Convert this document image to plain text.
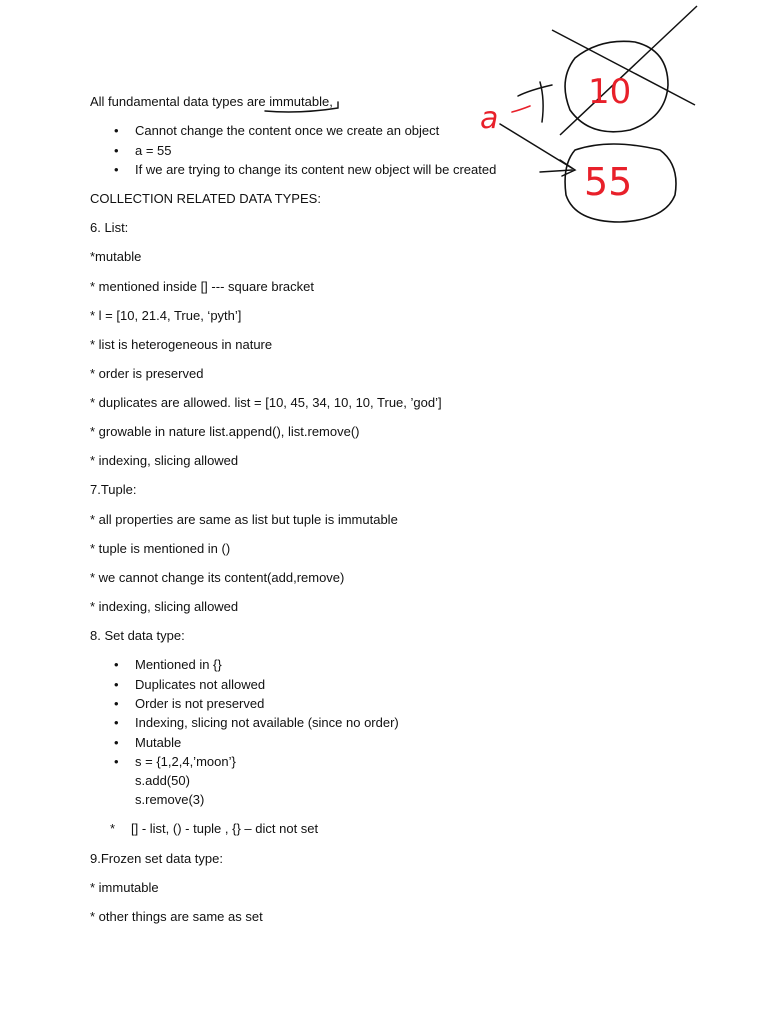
All fundamental data types are immutable,
•	Cannot change the content once we create an object
•	a = 55
•	If we are trying to change its content new object will be created
COLLECTION RELATED DATA TYPES:
6. List:
*mutable
* mentioned inside [] --- square bracket
* l = [10, 21.4, True, ‘pyth’]
* list is heterogeneous in nature
* order is preserved
* duplicates are allowed. list = [10, 45, 34, 10, 10, True, ’god’]
* growable in nature list.append(), list.remove()
* indexing, slicing allowed
7.Tuple:
* all properties are same as list but tuple is immutable
* tuple is mentioned in ()
* we cannot change its content(add,remove)
* indexing, slicing allowed
8. Set data type:
•	Mentioned in {}
•	Duplicates not allowed
•	Order is not preserved
•	Indexing, slicing not available (since no order)
•	Mutable
•	s = {1,2,4,’moon’}
s.add(50)
s.remove(3)
* [] - list, () - tuple , {} – dict not set
9.Frozen set data type:
* immutable
* other things are same as set
a
10
55
